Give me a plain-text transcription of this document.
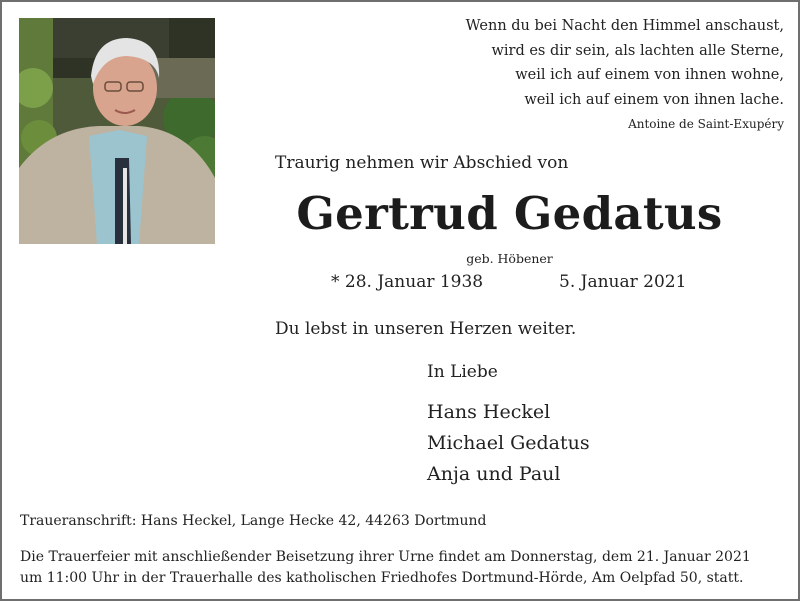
Wenn du bei Nacht den Himmel anschaust,
wird es dir sein, als lachten alle Sterne,
weil ich auf einem von ihnen wohne,
weil ich auf einem von ihnen lache.
Antoine de Saint-Exupéry
Traurig nehmen wir Abschied von
Gertrud Gedatus
geb. Höbener
* 28. Januar 1938	5. Januar 2021
Du lebst in unseren Herzen weiter.
In Liebe
Hans Heckel
Michael Gedatus
Anja und Paul
Traueranschrift: Hans Heckel, Lange Hecke 42, 44263 Dortmund
Die Trauerfeier mit anschließender Beisetzung ihrer Urne findet am Donnerstag, dem 21. Januar 2021
um 11:00 Uhr in der Trauerhalle des katholischen Friedhofes Dortmund-Hörde, Am Oelpfad 50, statt.
